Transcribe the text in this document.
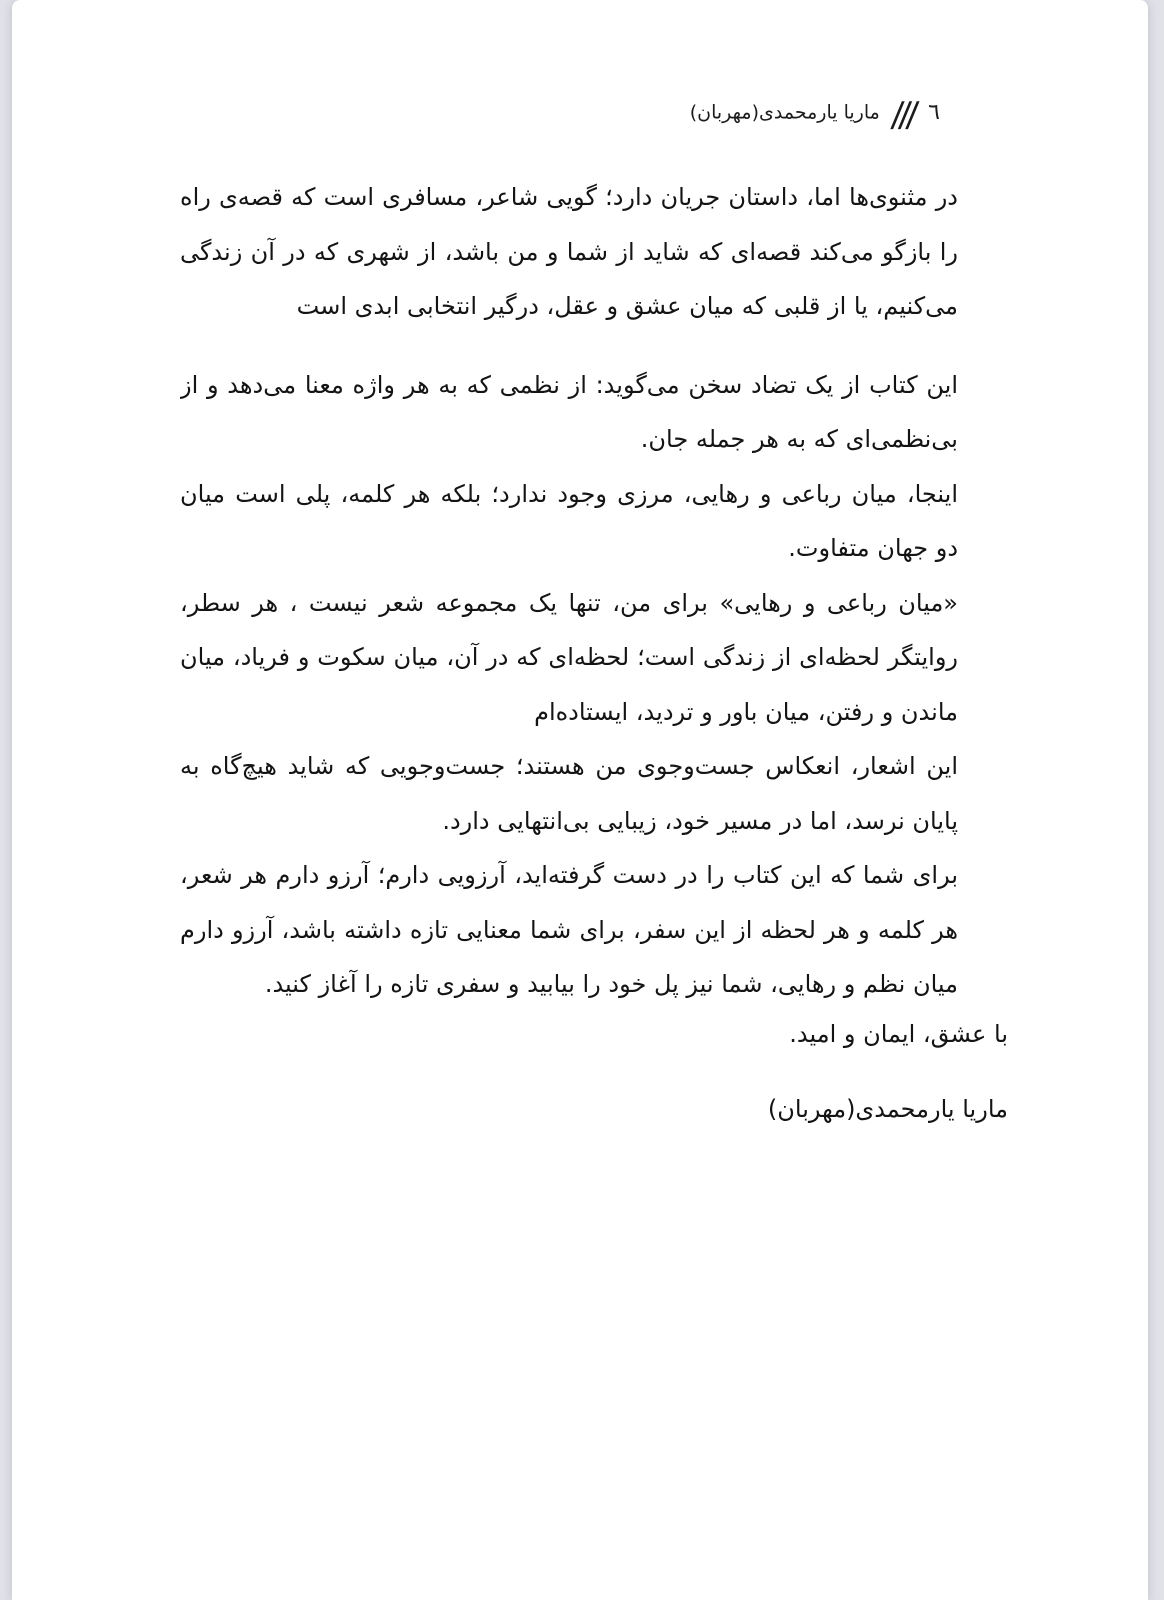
٦///ماریا یارمحمدی(مهربان)
در مثنوی‌ها اما، داستان جریان دارد؛ گویی شاعر، مسافری است که قصه‌ی راه
را بازگو می‌کند قصه‌ای که شاید از شما و من باشد، از شهری که در آن زندگی
می‌کنیم، یا از قلبی که میان عشق و عقل، درگیر انتخابی ابدی است
این کتاب از یک تضاد سخن می‌گوید: از نظمی که به هر واژه معنا می‌دهد و از
بی‌نظمی‌ای که به هر جمله جان.
اینجا، میان رباعی و رهایی، مرزی وجود ندارد؛ بلکه هر کلمه، پلی است میان
دو جهان متفاوت.
«میان رباعی و رهایی» برای من، تنها یک مجموعه شعر نیست ، هر سطر،
روایتگر لحظه‌ای از زندگی است؛ لحظه‌ای که در آن، میان سکوت و فریاد، میان
ماندن و رفتن، میان باور و تردید، ایستاده‌ام
این اشعار، انعکاس جست‌وجوی من هستند؛ جست‌وجویی که شاید هیچ‌گاه به
پایان نرسد، اما در مسیر خود، زیبایی بی‌انتهایی دارد.
برای شما که این کتاب را در دست گرفته‌اید، آرزویی دارم؛ آرزو دارم هر شعر،
هر کلمه و هر لحظه از این سفر، برای شما معنایی تازه داشته باشد، آرزو دارم
میان نظم و رهایی، شما نیز پل خود را بیابید و سفری تازه را آغاز کنید.
با عشق، ایمان و امید.
ماریا یارمحمدی(مهربان)
